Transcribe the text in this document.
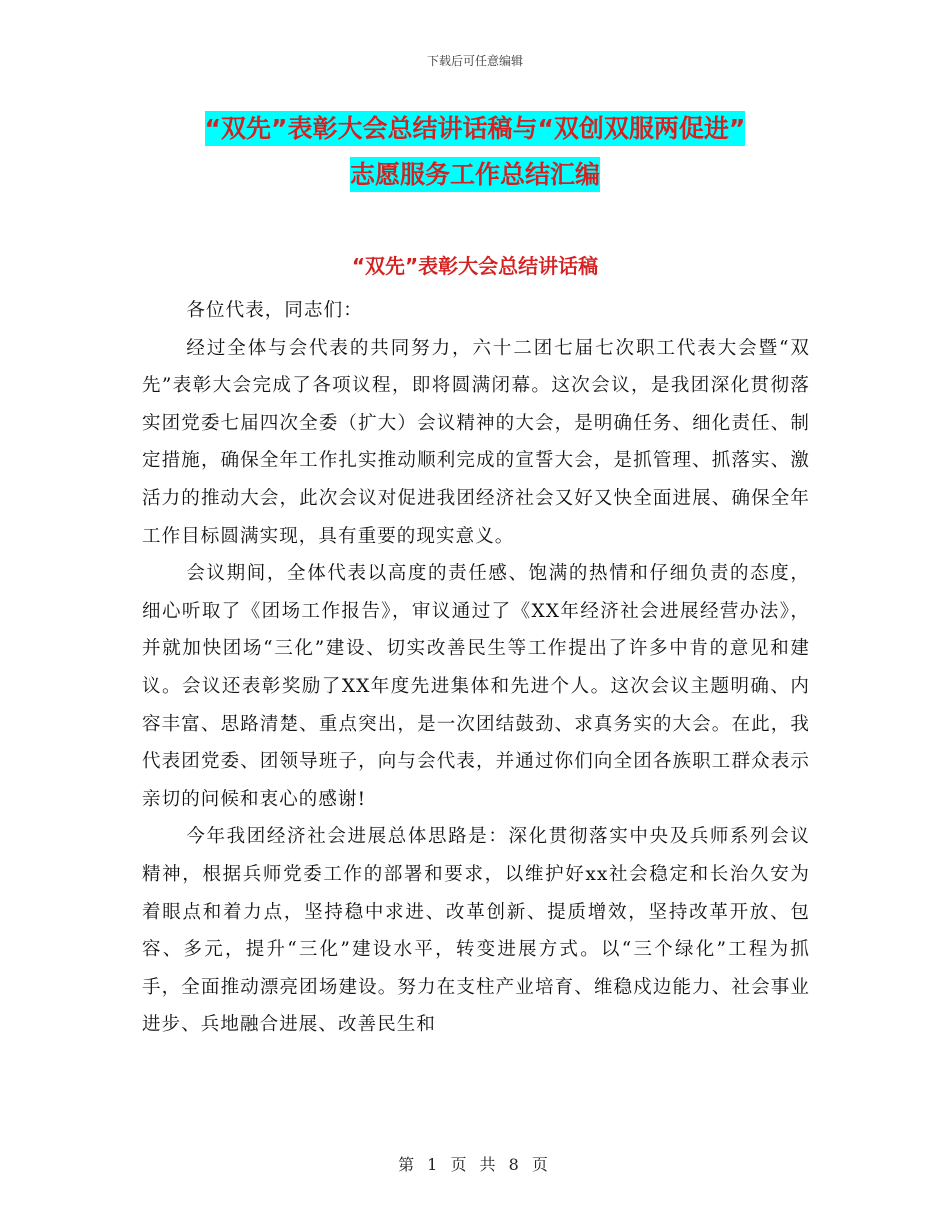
下载后可任意编辑
“双先”表彰大会总结讲话稿与“双创双服两促进”
志愿服务工作总结汇编
“双先”表彰大会总结讲话稿

各位代表，同志们：

经过全体与会代表的共同努力，六十二团七届七次职工代表大会暨“双先”表彰大会完成了各项议程，即将圆满闭幕。这次会议，是我团深化贯彻落实团党委七届四次全委（扩大）会议精神的大会，是明确任务、细化责任、制定措施，确保全年工作扎实推动顺利完成的宣誓大会，是抓管理、抓落实、激活力的推动大会，此次会议对促进我团经济社会又好又快全面进展、确保全年工作目标圆满实现，具有重要的现实意义。

会议期间，全体代表以高度的责任感、饱满的热情和仔细负责的态度，细心听取了《团场工作报告》，审议通过了《XX年经济社会进展经营办法》，并就加快团场“三化”建设、切实改善民生等工作提出了许多中肯的意见和建议。会议还表彰奖励了XX年度先进集体和先进个人。这次会议主题明确、内容丰富、思路清楚、重点突出，是一次团结鼓劲、求真务实的大会。在此，我代表团党委、团领导班子，向与会代表，并通过你们向全团各族职工群众表示亲切的问候和衷心的感谢!

今年我团经济社会进展总体思路是：深化贯彻落实中央及兵师系列会议精神，根据兵师党委工作的部署和要求，以维护好xx社会稳定和长治久安为着眼点和着力点，坚持稳中求进、改革创新、提质增效，坚持改革开放、包容、多元，提升“三化”建设水平，转变进展方式。以“三个绿化”工程为抓手，全面推动漂亮团场建设。努力在支柱产业培育、维稳戍边能力、社会事业进步、兵地融合进展、改善民生和

第 1 页 共 8 页
